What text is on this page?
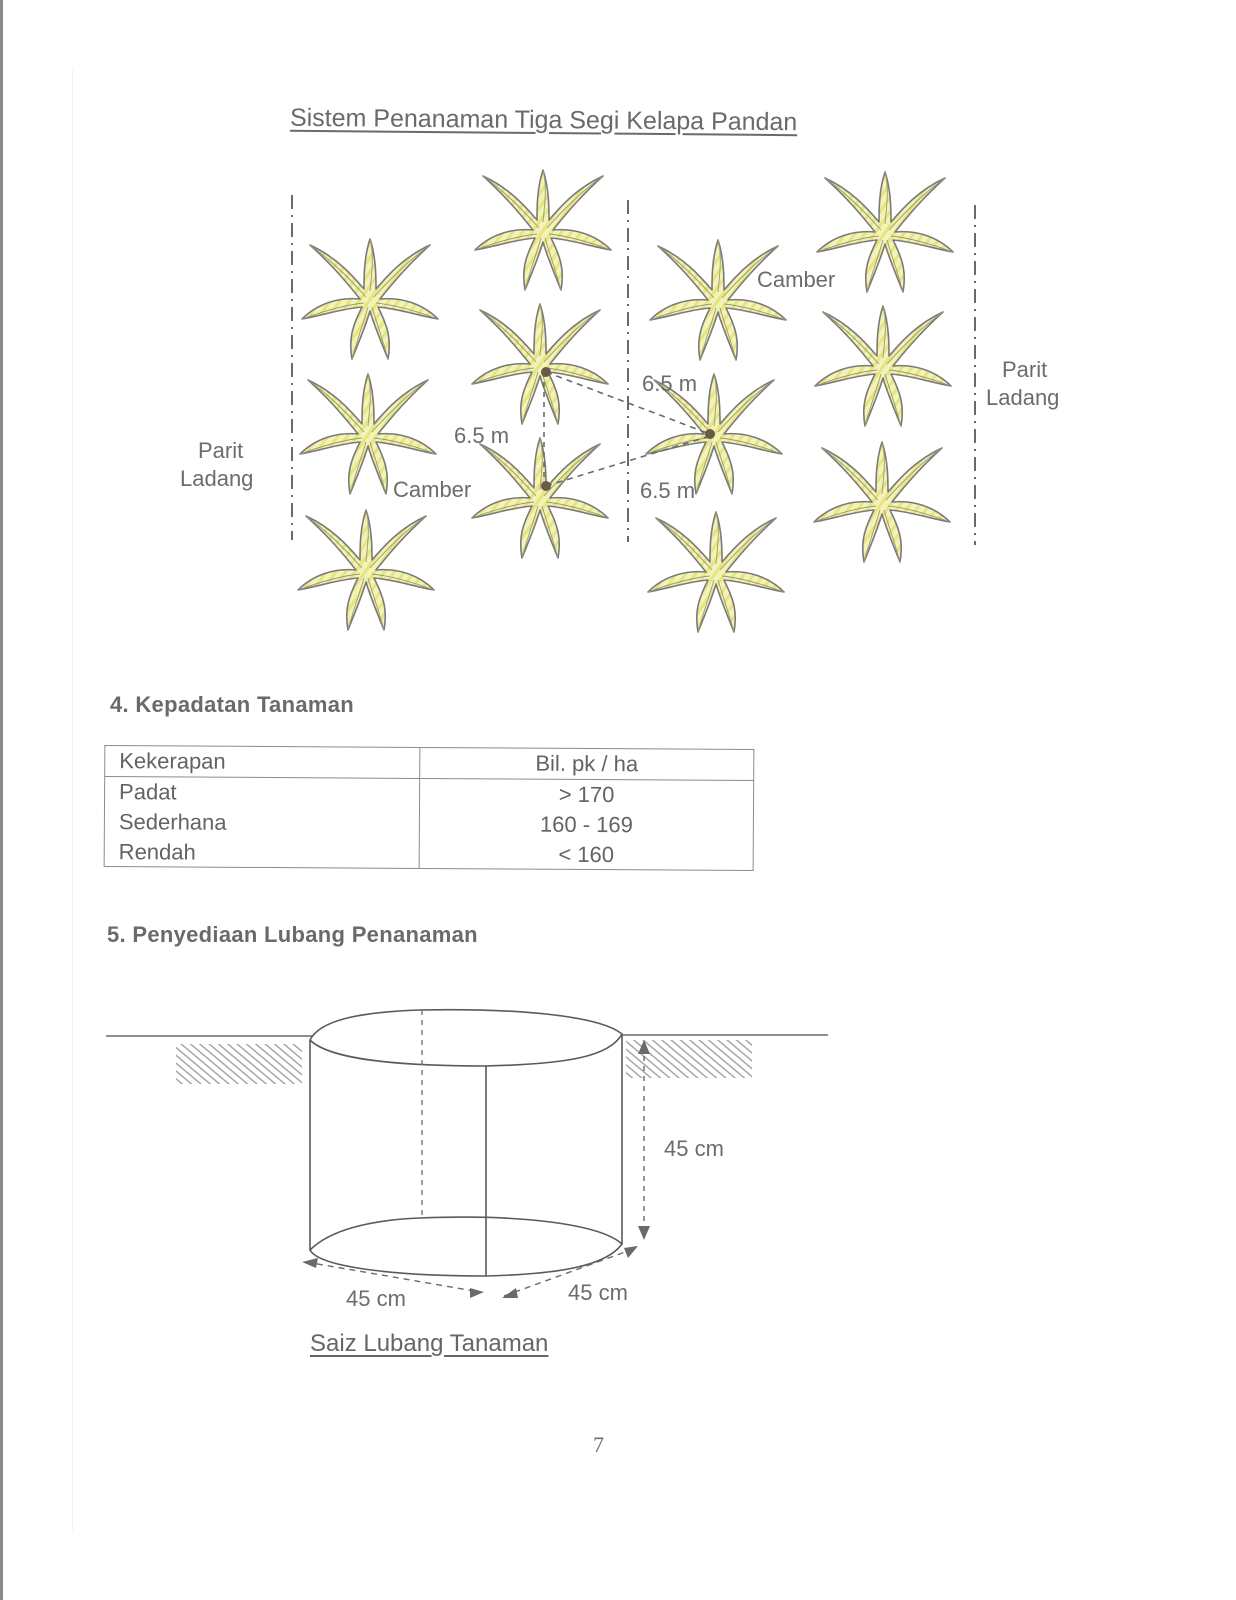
Sistem Penanaman Tiga Segi Kelapa Pandan
Parit
Ladang
Parit
Ladang
Camber
Camber
6.5 m
6.5 m
6.5 m
4. Kepadatan Tanaman
Kekerapan	Bil. pk / ha
Padat	> 170
Sederhana	160 - 169
Rendah	< 160
5. Penyediaan Lubang Penanaman
45 cm
45 cm	45 cm
Saiz Lubang Tanaman
7
